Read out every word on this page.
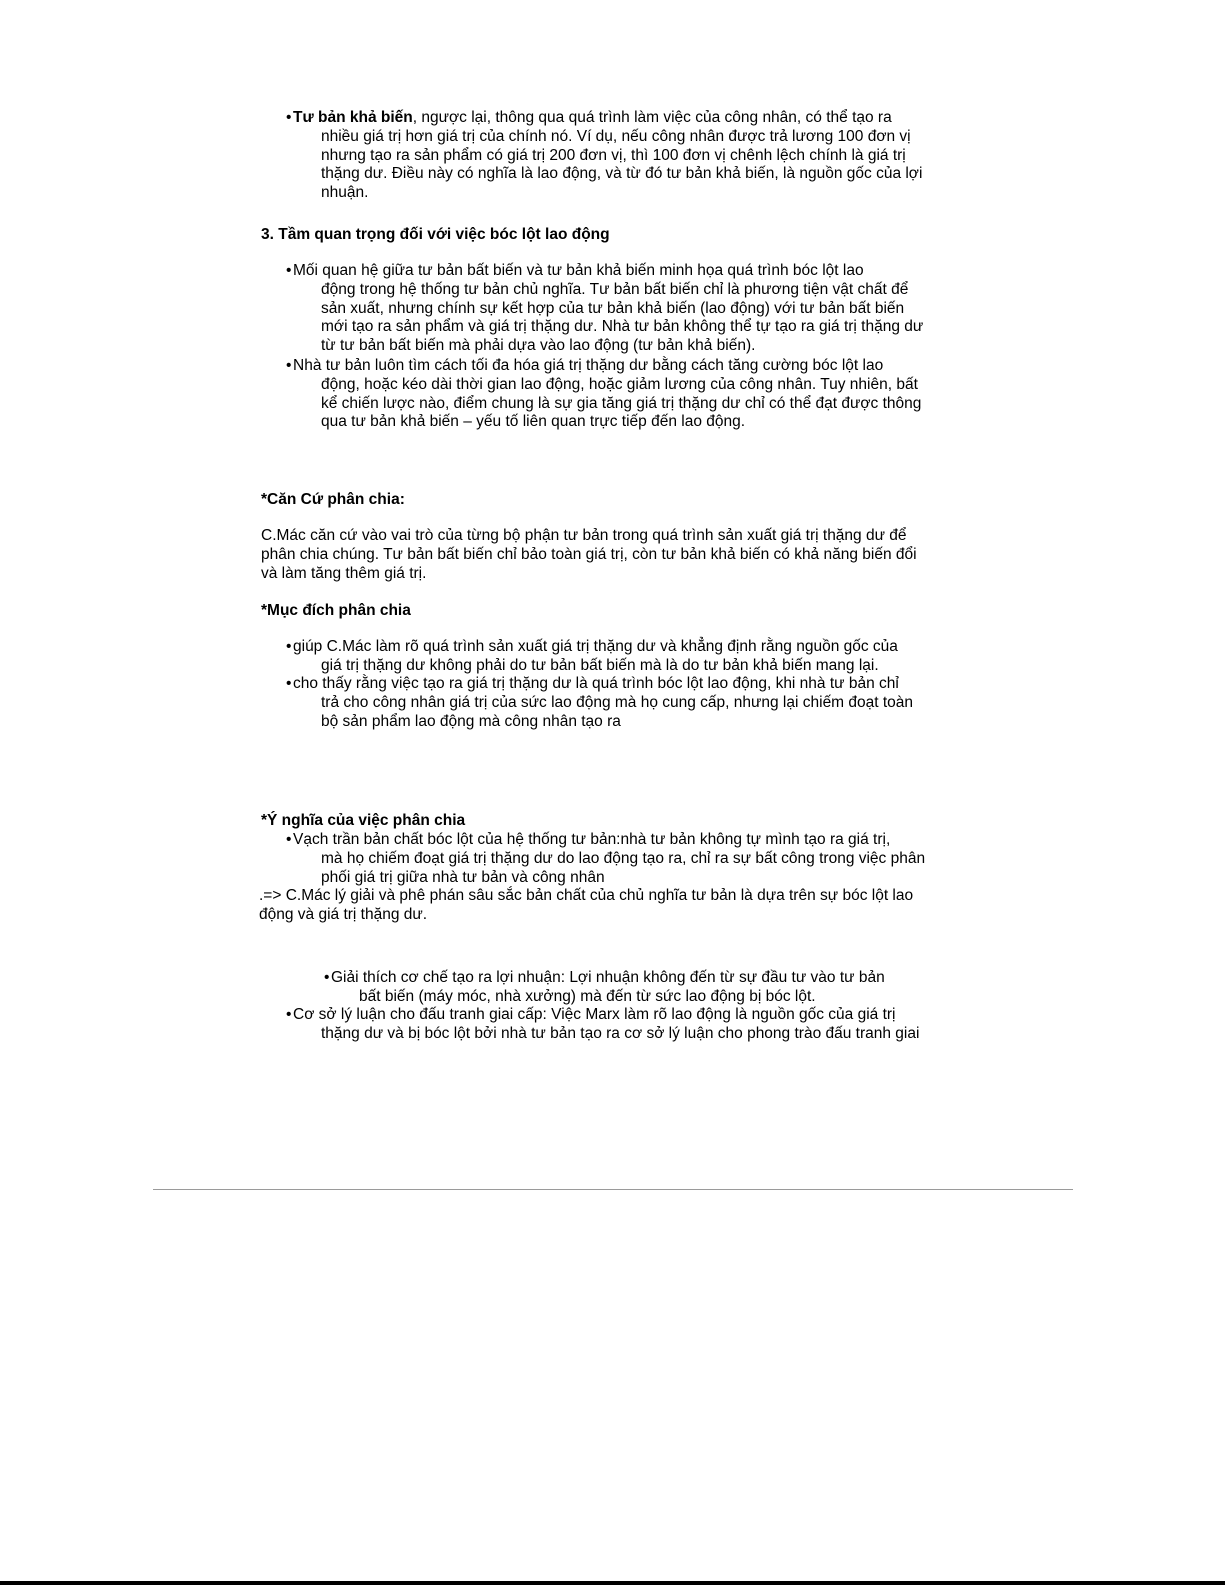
• Tư bản khả biến, ngược lại, thông qua quá trình làm việc của công nhân, có thể tạo ra
nhiều giá trị hơn giá trị của chính nó. Ví dụ, nếu công nhân được trả lương 100 đơn vị
nhưng tạo ra sản phẩm có giá trị 200 đơn vị, thì 100 đơn vị chênh lệch chính là giá trị
thặng dư. Điều này có nghĩa là lao động, và từ đó tư bản khả biến, là nguồn gốc của lợi
nhuận.
3. Tầm quan trọng đối với việc bóc lột lao động
• Mối quan hệ giữa tư bản bất biến và tư bản khả biến minh họa quá trình bóc lột lao
động trong hệ thống tư bản chủ nghĩa. Tư bản bất biến chỉ là phương tiện vật chất để
sản xuất, nhưng chính sự kết hợp của tư bản khả biến (lao động) với tư bản bất biến
mới tạo ra sản phẩm và giá trị thặng dư. Nhà tư bản không thể tự tạo ra giá trị thặng dư
từ tư bản bất biến mà phải dựa vào lao động (tư bản khả biến).
• Nhà tư bản luôn tìm cách tối đa hóa giá trị thặng dư bằng cách tăng cường bóc lột lao
động, hoặc kéo dài thời gian lao động, hoặc giảm lương của công nhân. Tuy nhiên, bất
kể chiến lược nào, điểm chung là sự gia tăng giá trị thặng dư chỉ có thể đạt được thông
qua tư bản khả biến – yếu tố liên quan trực tiếp đến lao động.
*Căn Cứ phân chia:
C.Mác căn cứ vào vai trò của từng bộ phận tư bản trong quá trình sản xuất giá trị thặng dư để
phân chia chúng. Tư bản bất biến chỉ bảo toàn giá trị, còn tư bản khả biến có khả năng biến đổi
và làm tăng thêm giá trị.
*Mục đích phân chia
• giúp C.Mác làm rõ quá trình sản xuất giá trị thặng dư và khẳng định rằng nguồn gốc của
giá trị thặng dư không phải do tư bản bất biến mà là do tư bản khả biến mang lại.
• cho thấy rằng việc tạo ra giá trị thặng dư là quá trình bóc lột lao động, khi nhà tư bản chỉ
trả cho công nhân giá trị của sức lao động mà họ cung cấp, nhưng lại chiếm đoạt toàn
bộ sản phẩm lao động mà công nhân tạo ra
*Ý nghĩa của việc phân chia
• Vạch trần bản chất bóc lột của hệ thống tư bản:nhà tư bản không tự mình tạo ra giá trị,
mà họ chiếm đoạt giá trị thặng dư do lao động tạo ra, chỉ ra sự bất công trong việc phân
phối giá trị giữa nhà tư bản và công nhân
.=> C.Mác lý giải và phê phán sâu sắc bản chất của chủ nghĩa tư bản là dựa trên sự bóc lột lao
động và giá trị thặng dư.
• Giải thích cơ chế tạo ra lợi nhuận: Lợi nhuận không đến từ sự đầu tư vào tư bản
bất biến (máy móc, nhà xưởng) mà đến từ sức lao động bị bóc lột.
• Cơ sở lý luận cho đấu tranh giai cấp: Việc Marx làm rõ lao động là nguồn gốc của giá trị
thặng dư và bị bóc lột bởi nhà tư bản tạo ra cơ sở lý luận cho phong trào đấu tranh giai
